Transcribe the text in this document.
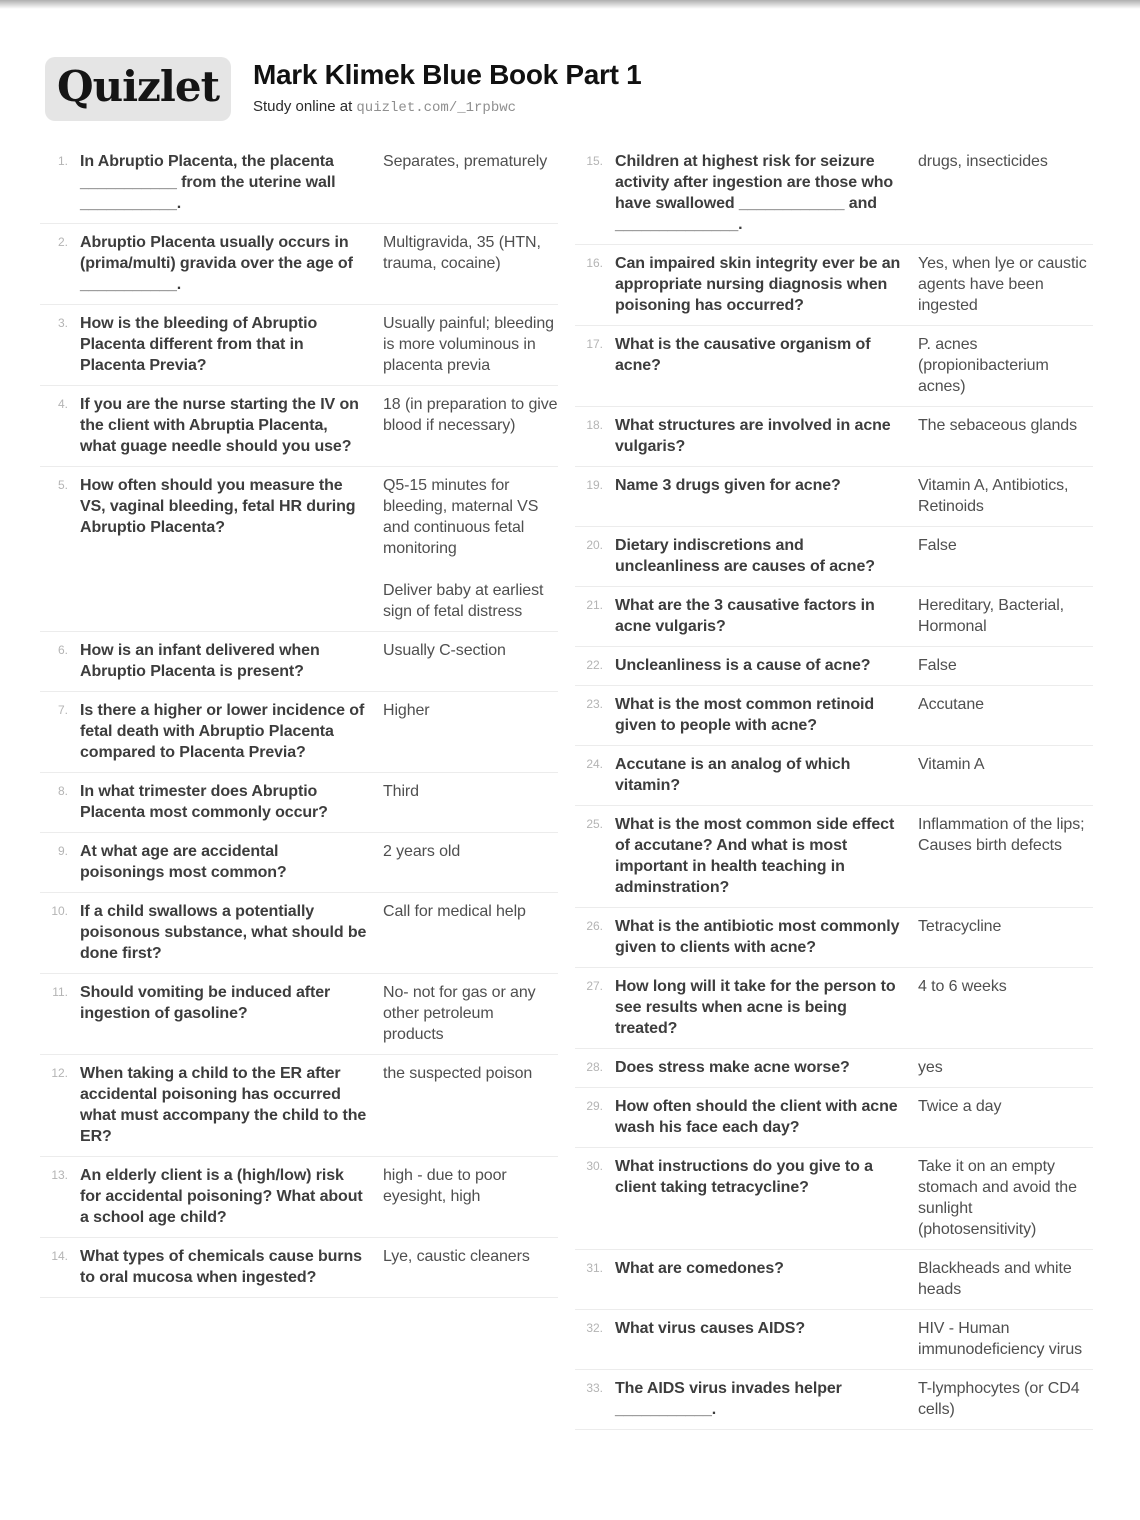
Quizlet Mark Klimek Blue Book Part 1
Study online at quizlet.com/_1rpbwc
1. In Abruptio Placenta, the placenta ___________ from the uterine wall ___________.

Separates, prematurely

2. Abruptio Placenta usually occurs in (prima/multi) gravida over the age of ___________.

Multigravida, 35 (HTN, trauma, cocaine)

3. How is the bleeding of Abruptio Placenta different from that in Placenta Previa?

Usually painful; bleeding is more voluminous in placenta previa

4. If you are the nurse starting the IV on the client with Abruptia Placenta, what guage needle should you use?

18 (in preparation to give blood if necessary)

5. How often should you measure the VS, vaginal bleeding, fetal HR during Abruptio Placenta?

Q5-15 minutes for bleeding, maternal VS and continuous fetal monitoring

Deliver baby at earliest sign of fetal distress

6. How is an infant delivered when Abruptio Placenta is present?

Usually C-section

7. Is there a higher or lower incidence of fetal death with Abruptio Placenta compared to Placenta Previa?

Higher

8. In what trimester does Abruptio Placenta most commonly occur?

Third

9. At what age are accidental poisonings most common?

2 years old

10. If a child swallows a potentially poisonous substance, what should be done first?

Call for medical help

11. Should vomiting be induced after ingestion of gasoline?

No- not for gas or any other petroleum products

12. When taking a child to the ER after accidental poisoning has occurred what must accompany the child to the ER?

the suspected poison

13. An elderly client is a (high/low) risk for accidental poisoning? What about a school age child?

high - due to poor eyesight, high

14. What types of chemicals cause burns to oral mucosa when ingested?

Lye, caustic cleaners

15. Children at highest risk for seizure activity after ingestion are those who have swallowed ____________ and ______________.

drugs, insecticides

16. Can impaired skin integrity ever be an appropriate nursing diagnosis when poisoning has occurred?

Yes, when lye or caustic agents have been ingested

17. What is the causative organism of acne?

P. acnes (propionibacterium acnes)

18. What structures are involved in acne vulgaris?

The sebaceous glands

19. Name 3 drugs given for acne?	Vitamin A, Antibiotics, Retinoids

20. Dietary indiscretions and uncleanliness are causes of acne?

False

21. What are the 3 causative factors in acne vulgaris?

Hereditary, Bacterial, Hormonal

22. Uncleanliness is a cause of acne?	False

23. What is the most common retinoid given to people with acne?

Accutane

24. Accutane is an analog of which vitamin?

Vitamin A

25. What is the most common side effect of accutane? And what is most important in health teaching in adminstration?

Inflammation of the lips; Causes birth defects

26. What is the antibiotic most commonly given to clients with acne?

Tetracycline

27. How long will it take for the person to see results when acne is being treated?

4 to 6 weeks

28. Does stress make acne worse?	yes

29. How often should the client with acne wash his face each day?

Twice a day

30. What instructions do you give to a client taking tetracycline?

Take it on an empty stomach and avoid the sunlight (photosensitivity)

31. What are comedones?	Blackheads and white heads

32. What virus causes AIDS?	HIV - Human immunodeficiency virus

33. The AIDS virus invades helper ___________.

T-lymphocytes (or CD4 cells)
